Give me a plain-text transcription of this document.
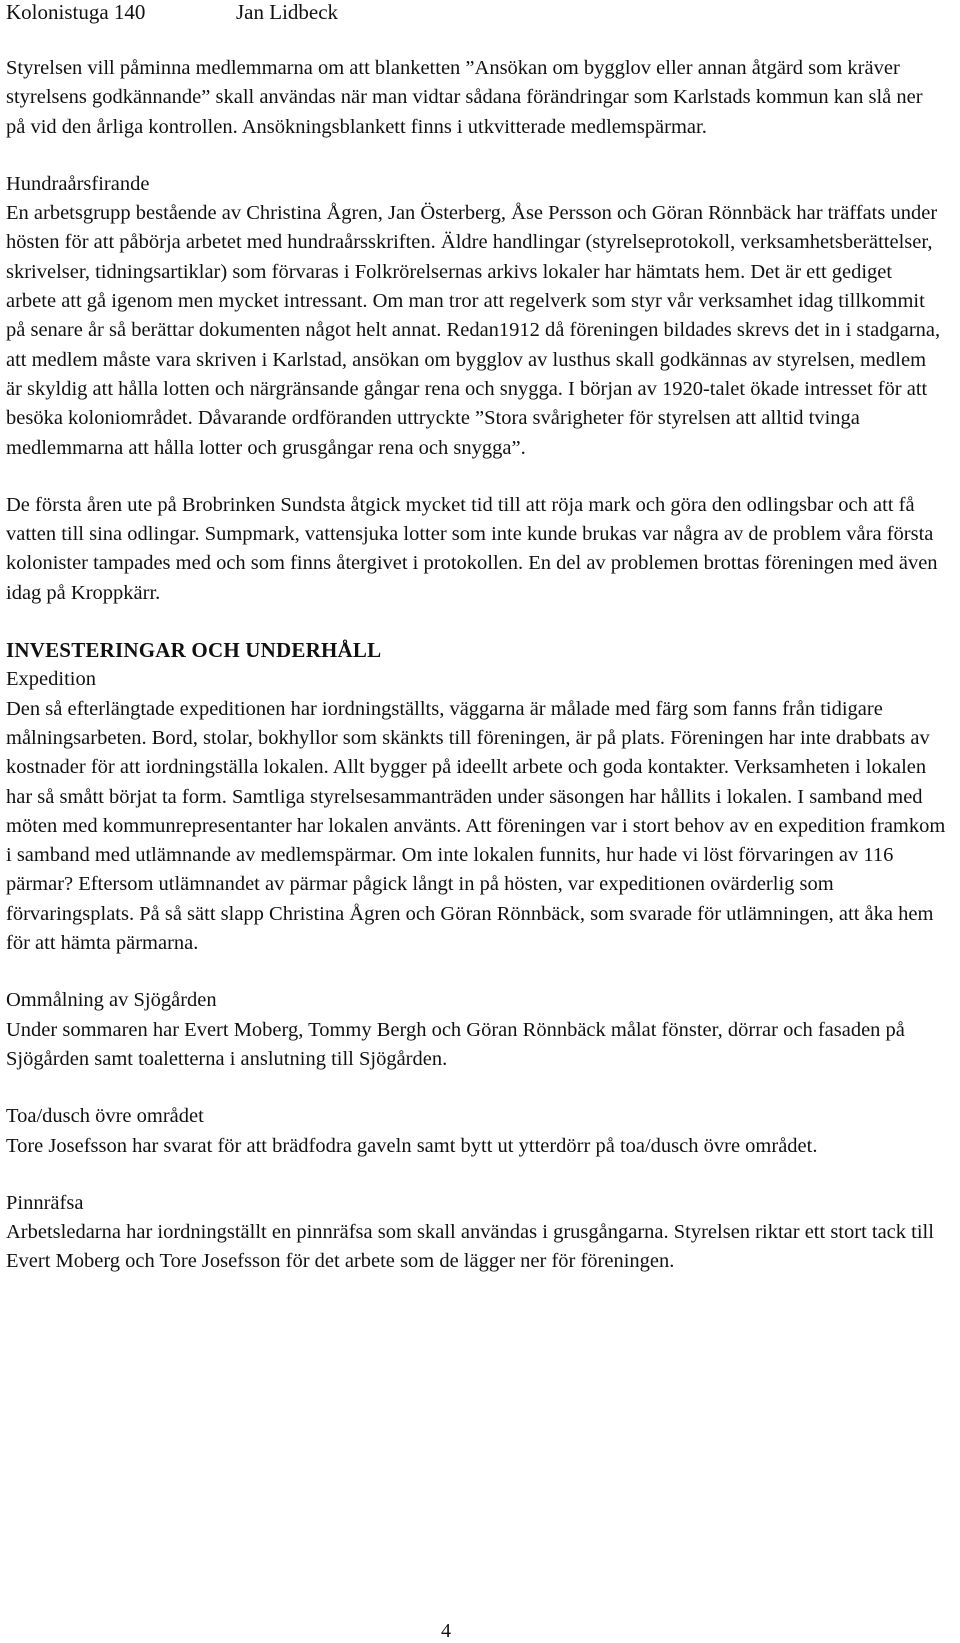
Kolonistuga 140	Jan Lidbeck

Styrelsen vill påminna medlemmarna om att blanketten ”Ansökan om bygglov eller annan åtgärd som kräver styrelsens godkännande” skall användas när man vidtar sådana förändringar som Karlstads kommun kan slå ner på vid den årliga kontrollen. Ansökningsblankett finns i utkvitterade medlemspärmar.

Hundraårsfirande

En arbetsgrupp bestående av Christina Ågren, Jan Österberg, Åse Persson och Göran Rönnbäck har träffats under hösten för att påbörja arbetet med hundraårsskriften. Äldre handlingar (styrelseprotokoll, verksamhetsberättelser, skrivelser, tidningsartiklar) som förvaras i Folkrörelsernas arkivs lokaler har hämtats hem. Det är ett gediget arbete att gå igenom men mycket intressant. Om man tror att regelverk som styr vår verksamhet idag tillkommit på senare år så berättar dokumenten något helt annat. Redan1912 då föreningen bildades skrevs det in i stadgarna, att medlem måste vara skriven i Karlstad, ansökan om bygglov av lusthus skall godkännas av styrelsen, medlem är skyldig att hålla lotten och närgränsande gångar rena och snygga. I början av 1920-talet ökade intresset för att besöka koloniområdet. Dåvarande ordföranden uttryckte ”Stora svårigheter för styrelsen att alltid tvinga medlemmarna att hålla lotter och grusgångar rena och snygga”.

De första åren ute på Brobrinken Sundsta åtgick mycket tid till att röja mark och göra den odlingsbar och att få vatten till sina odlingar. Sumpmark, vattensjuka lotter som inte kunde brukas var några av de problem våra första kolonister tampades med och som finns återgivet i protokollen. En del av problemen brottas föreningen med även idag på Kroppkärr.

INVESTERINGAR OCH UNDERHÅLL

Expedition

Den så efterlängtade expeditionen har iordningställts, väggarna är målade med färg som fanns från tidigare målningsarbeten. Bord, stolar, bokhyllor som skänkts till föreningen, är på plats. Föreningen har inte drabbats av kostnader för att iordningställa lokalen. Allt bygger på ideellt arbete och goda kontakter. Verksamheten i lokalen har så smått börjat ta form. Samtliga styrelsesammanträden under säsongen har hållits i lokalen. I samband med möten med kommunrepresentanter har lokalen använts. Att föreningen var i stort behov av en expedition framkom i samband med utlämnande av medlemspärmar. Om inte lokalen funnits, hur hade vi löst förvaringen av 116 pärmar? Eftersom utlämnandet av pärmar pågick långt in på hösten, var expeditionen ovärderlig som förvaringsplats. På så sätt slapp Christina Ågren och Göran Rönnbäck, som svarade för utlämningen, att åka hem för att hämta pärmarna.

Ommålning av Sjögården

Under sommaren har Evert Moberg, Tommy Bergh och Göran Rönnbäck målat fönster, dörrar och fasaden på Sjögården samt toaletterna i anslutning till Sjögården.

Toa/dusch övre området

Tore Josefsson har svarat för att brädfodra gaveln samt bytt ut ytterdörr på toa/dusch övre området.

Pinnräfsa

Arbetsledarna har iordningställt en pinnräfsa som skall användas i grusgångarna. Styrelsen riktar ett stort tack till Evert Moberg och Tore Josefsson för det arbete som de lägger ner för föreningen.

4
